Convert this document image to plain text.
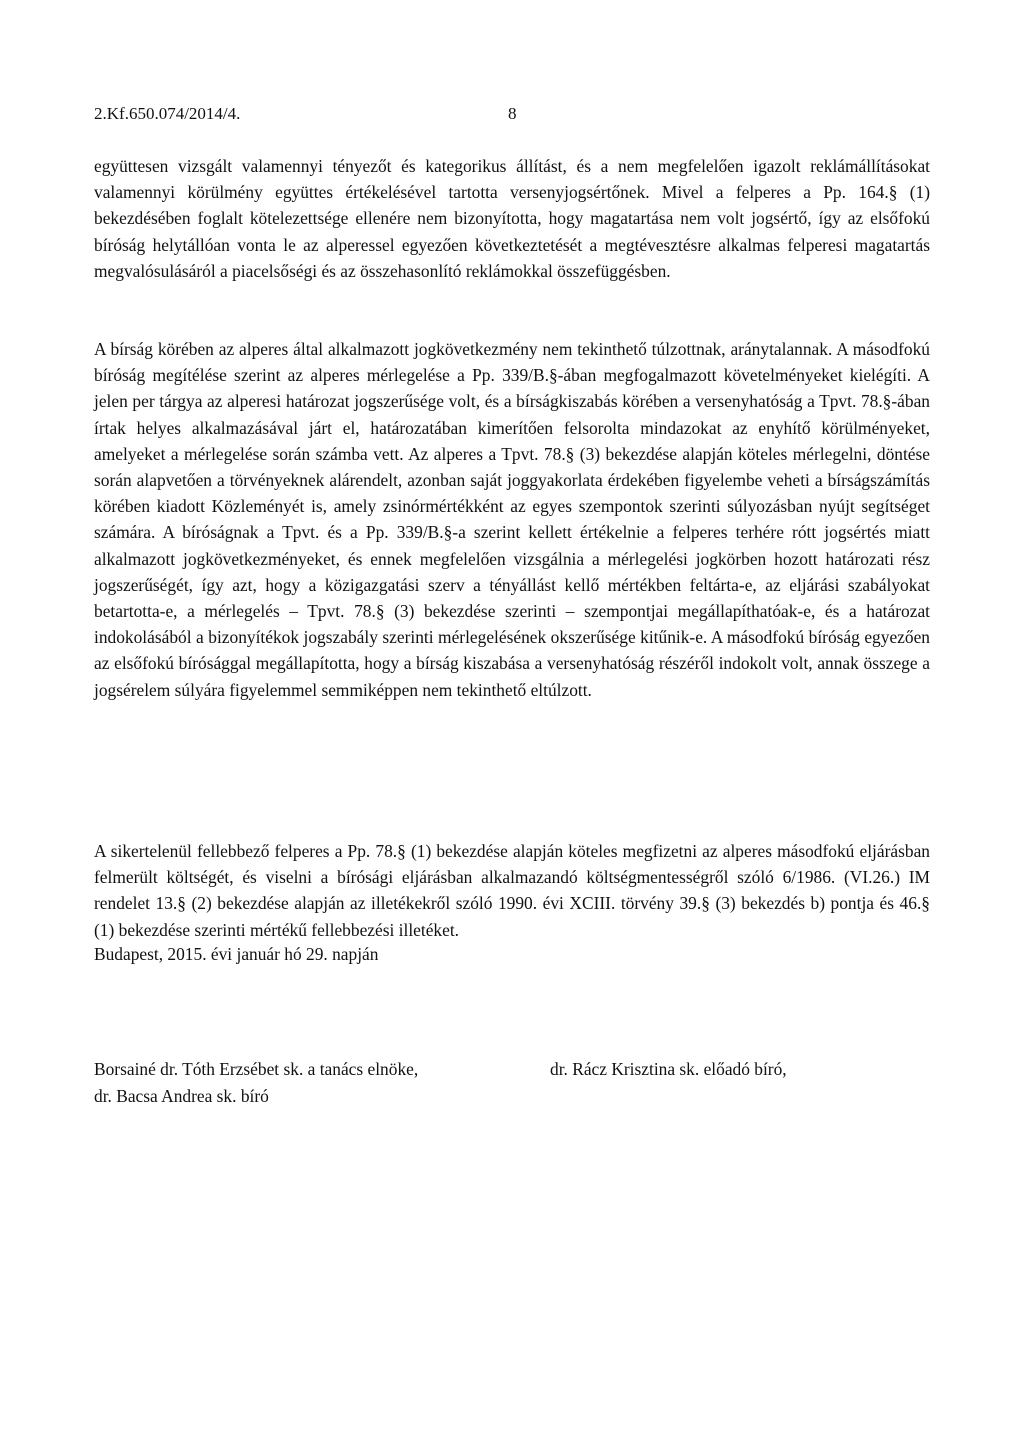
2.Kf.650.074/2014/4.	8

együttesen vizsgált valamennyi tényezőt és kategorikus állítást, és a nem megfelelően igazolt reklámállításokat valamennyi körülmény együttes értékelésével tartotta versenyjogsértőnek. Mivel a felperes a Pp. 164.§ (1) bekezdésében foglalt kötelezettsége ellenére nem bizonyította, hogy magatartása nem volt jogsértő, így az elsőfokú bíróság helytállóan vonta le az alperessel egyezően következtetését a megtévesztésre alkalmas felperesi magatartás megvalósulásáról a piacelsőségi és az összehasonlító reklámokkal összefüggésben.

A bírság körében az alperes által alkalmazott jogkövetkezmény nem tekinthető túlzottnak, aránytalannak. A másodfokú bíróság megítélése szerint az alperes mérlegelése a Pp. 339/B.§-ában megfogalmazott követelményeket kielégíti. A jelen per tárgya az alperesi határozat jogszerűsége volt, és a bírságkiszabás körében a versenyhatóság a Tpvt. 78.§-ában írtak helyes alkalmazásával járt el, határozatában kimerítően felsorolta mindazokat az enyhítő körülményeket, amelyeket a mérlegelése során számba vett. Az alperes a Tpvt. 78.§ (3) bekezdése alapján köteles mérlegelni, döntése során alapvetően a törvényeknek alárendelt, azonban saját joggyakorlata érdekében figyelembe veheti a bírságszámítás körében kiadott Közleményét is, amely zsinórmértékként az egyes szempontok szerinti súlyozásban nyújt segítséget számára. A bíróságnak a Tpvt. és a Pp. 339/B.§-a szerint kellett értékelnie a felperes terhére rótt jogsértés miatt alkalmazott jogkövetkezményeket, és ennek megfelelően vizsgálnia a mérlegelési jogkörben hozott határozati rész jogszerűségét, így azt, hogy a közigazgatási szerv a tényállást kellő mértékben feltárta-e, az eljárási szabályokat betartotta-e, a mérlegelés – Tpvt. 78.§ (3) bekezdése szerinti – szempontjai megállapíthatóak-e, és a határozat indokolásából a bizonyítékok jogszabály szerinti mérlegelésének okszerűsége kitűnik-e. A másodfokú bíróság egyezően az elsőfokú bírósággal megállapította, hogy a bírság kiszabása a versenyhatóság részéről indokolt volt, annak összege a jogsérelem súlyára figyelemmel semmiképpen nem tekinthető eltúlzott.

A sikertelenül fellebbező felperes a Pp. 78.§ (1) bekezdése alapján köteles megfizetni az alperes másodfokú eljárásban felmerült költségét, és viselni a bírósági eljárásban alkalmazandó költségmentességről szóló 6/1986. (VI.26.) IM rendelet 13.§ (2) bekezdése alapján az illetékekről szóló 1990. évi XCIII. törvény 39.§ (3) bekezdés b) pontja és 46.§ (1) bekezdése szerinti mértékű fellebbezési illetéket.

Budapest, 2015. évi január hó 29. napján
Borsainé dr. Tóth Erzsébet sk. a tanács elnöke,	dr. Rácz Krisztina sk. előadó bíró,
dr. Bacsa Andrea sk. bíró
